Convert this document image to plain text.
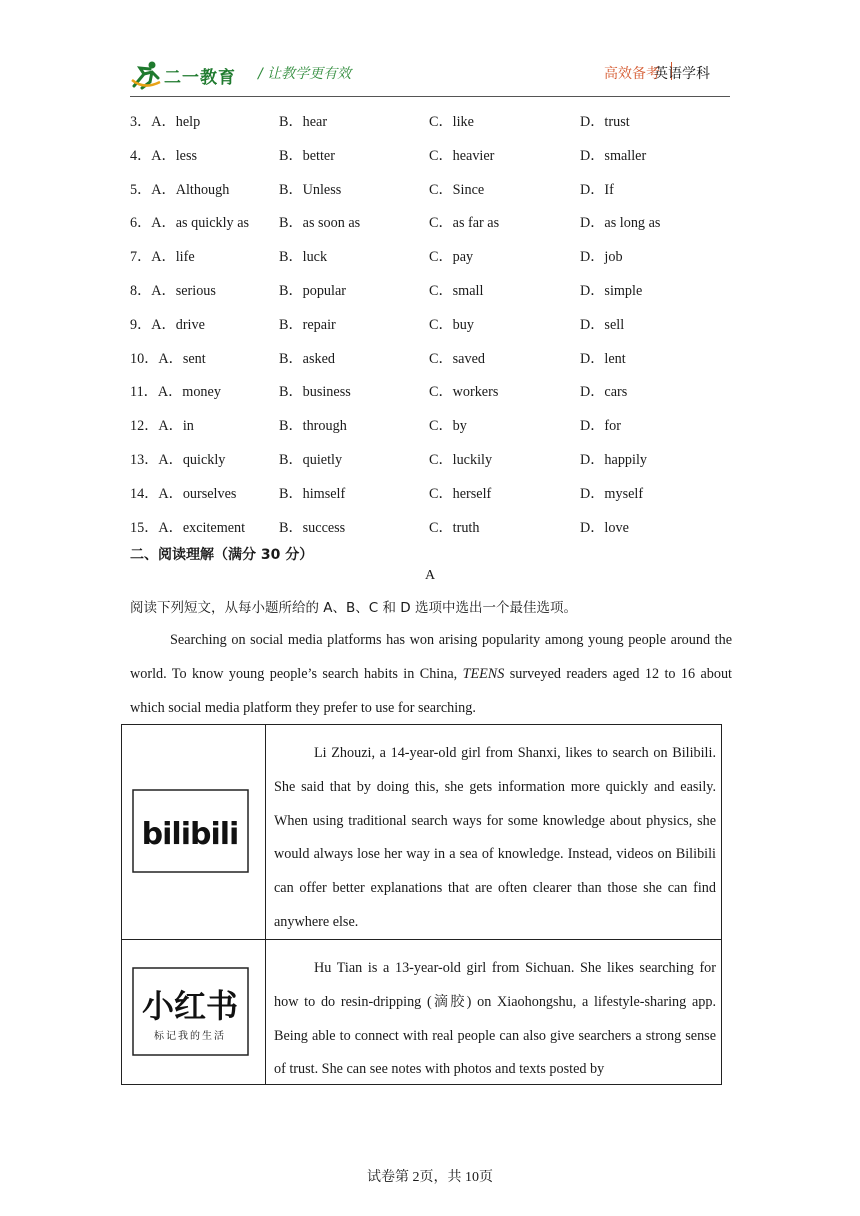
二一教育 / 让教学更有效	高效备考
英语学科
3．A．help	B．hear	C．like	D．trust
4．A．less	B．better	C．heavier	D．smaller
5．A．Although	B．Unless	C．Since	D．If
6．A．as quickly as B．as soon as	C．as far as	D．as long as
7．A．life	B．luck	C．pay	D．job
8．A．serious	B．popular	C．small	D．simple
9．A．drive	B．repair	C．buy	D．sell
10．A．sent	B．asked	C．saved	D．lent
11．A．money	B．business	C．workers	D．cars
12．A．in	B．through	C．by	D．for
13．A．quickly	B．quietly	C．luckily	D．happily
14．A．ourselves	B．himself	C．herself	D．myself
15．A．excitement B．success	C．truth	D．love
二、阅读理解（满分 30 分）
A
阅读下列短文，从每小题所给的 A、B、C 和 D 选项中选出一个最佳选项。

Searching on social media platforms has won arising popularity among young people around the world. To know young people’s search habits in China, TEENS surveyed readers aged 12 to 16 about which social media platform they prefer to use for searching.

bilibili

Li Zhouzi, a 14-year-old girl from Shanxi, likes to search on Bilibili. She said that by doing this, she gets information more quickly and easily. When using traditional search ways for some knowledge about physics, she would always lose her way in a sea of knowledge. Instead, videos on Bilibili can offer better explanations that are often clearer than those she can find anywhere else.

小红书
标记我的生活

Hu Tian is a 13-year-old girl from Sichuan. She likes searching for how to do resin-dripping (滴胶) on Xiaohongshu, a lifestyle-sharing app. Being able to connect with real people can also give searchers a strong sense of trust. She can see notes with photos and texts posted by

试卷第 2页，共 10页
